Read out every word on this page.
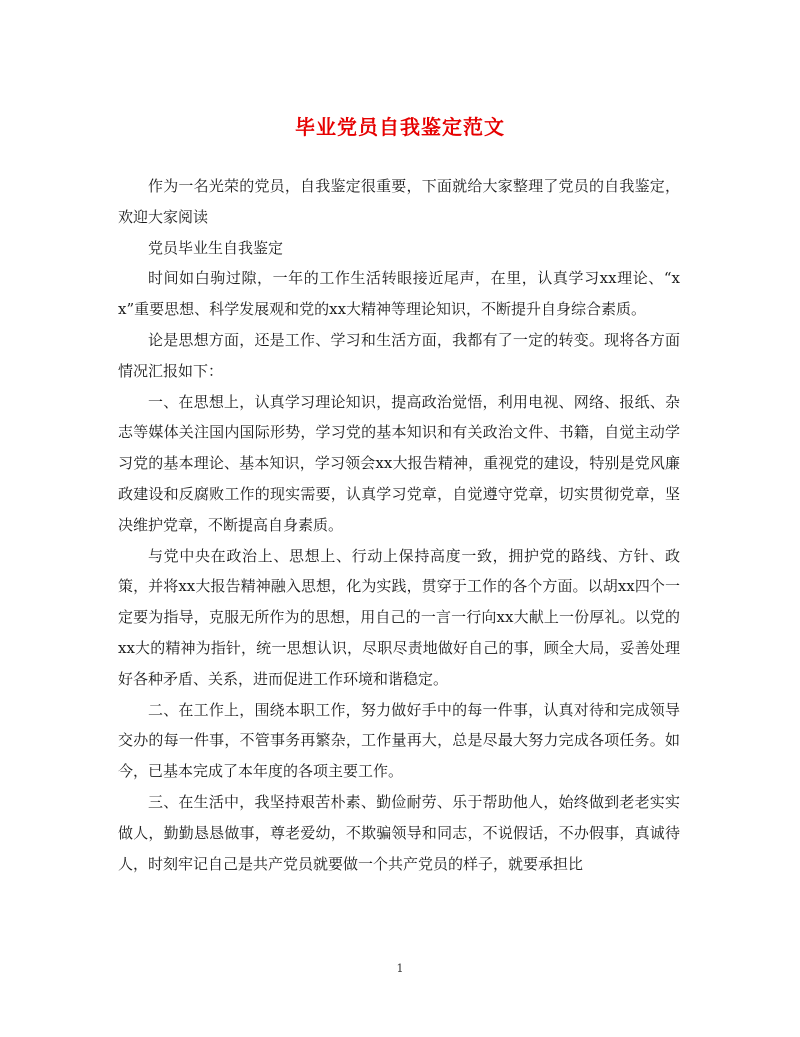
毕业党员自我鉴定范文

作为一名光荣的党员，自我鉴定很重要，下面就给大家整理了党员的自我鉴定，欢迎大家阅读

党员毕业生自我鉴定

时间如白驹过隙，一年的工作生活转眼接近尾声，在里，认真学习xx理论、“xx”重要思想、科学发展观和党的xx大精神等理论知识，不断提升自身综合素质。

论是思想方面，还是工作、学习和生活方面，我都有了一定的转变。现将各方面情况汇报如下：

一、在思想上，认真学习理论知识，提高政治觉悟，利用电视、网络、报纸、杂志等媒体关注国内国际形势，学习党的基本知识和有关政治文件、书籍，自觉主动学习党的基本理论、基本知识，学习领会xx大报告精神，重视党的建设，特别是党风廉政建设和反腐败工作的现实需要，认真学习党章，自觉遵守党章，切实贯彻党章，坚决维护党章，不断提高自身素质。

与党中央在政治上、思想上、行动上保持高度一致，拥护党的路线、方针、政策，并将xx大报告精神融入思想，化为实践，贯穿于工作的各个方面。以胡xx四个一定要为指导，克服无所作为的思想，用自己的一言一行向xx大献上一份厚礼。以党的xx大的精神为指针，统一思想认识，尽职尽责地做好自己的事，顾全大局，妥善处理好各种矛盾、关系，进而促进工作环境和谐稳定。

二、在工作上，围绕本职工作，努力做好手中的每一件事，认真对待和完成领导交办的每一件事，不管事务再繁杂，工作量再大，总是尽最大努力完成各项任务。如今，已基本完成了本年度的各项主要工作。

三、在生活中，我坚持艰苦朴素、勤俭耐劳、乐于帮助他人，始终做到老老实实做人，勤勤恳恳做事，尊老爱幼，不欺骗领导和同志，不说假话，不办假事，真诚待人，时刻牢记自己是共产党员就要做一个共产党员的样子，就要承担比

1
